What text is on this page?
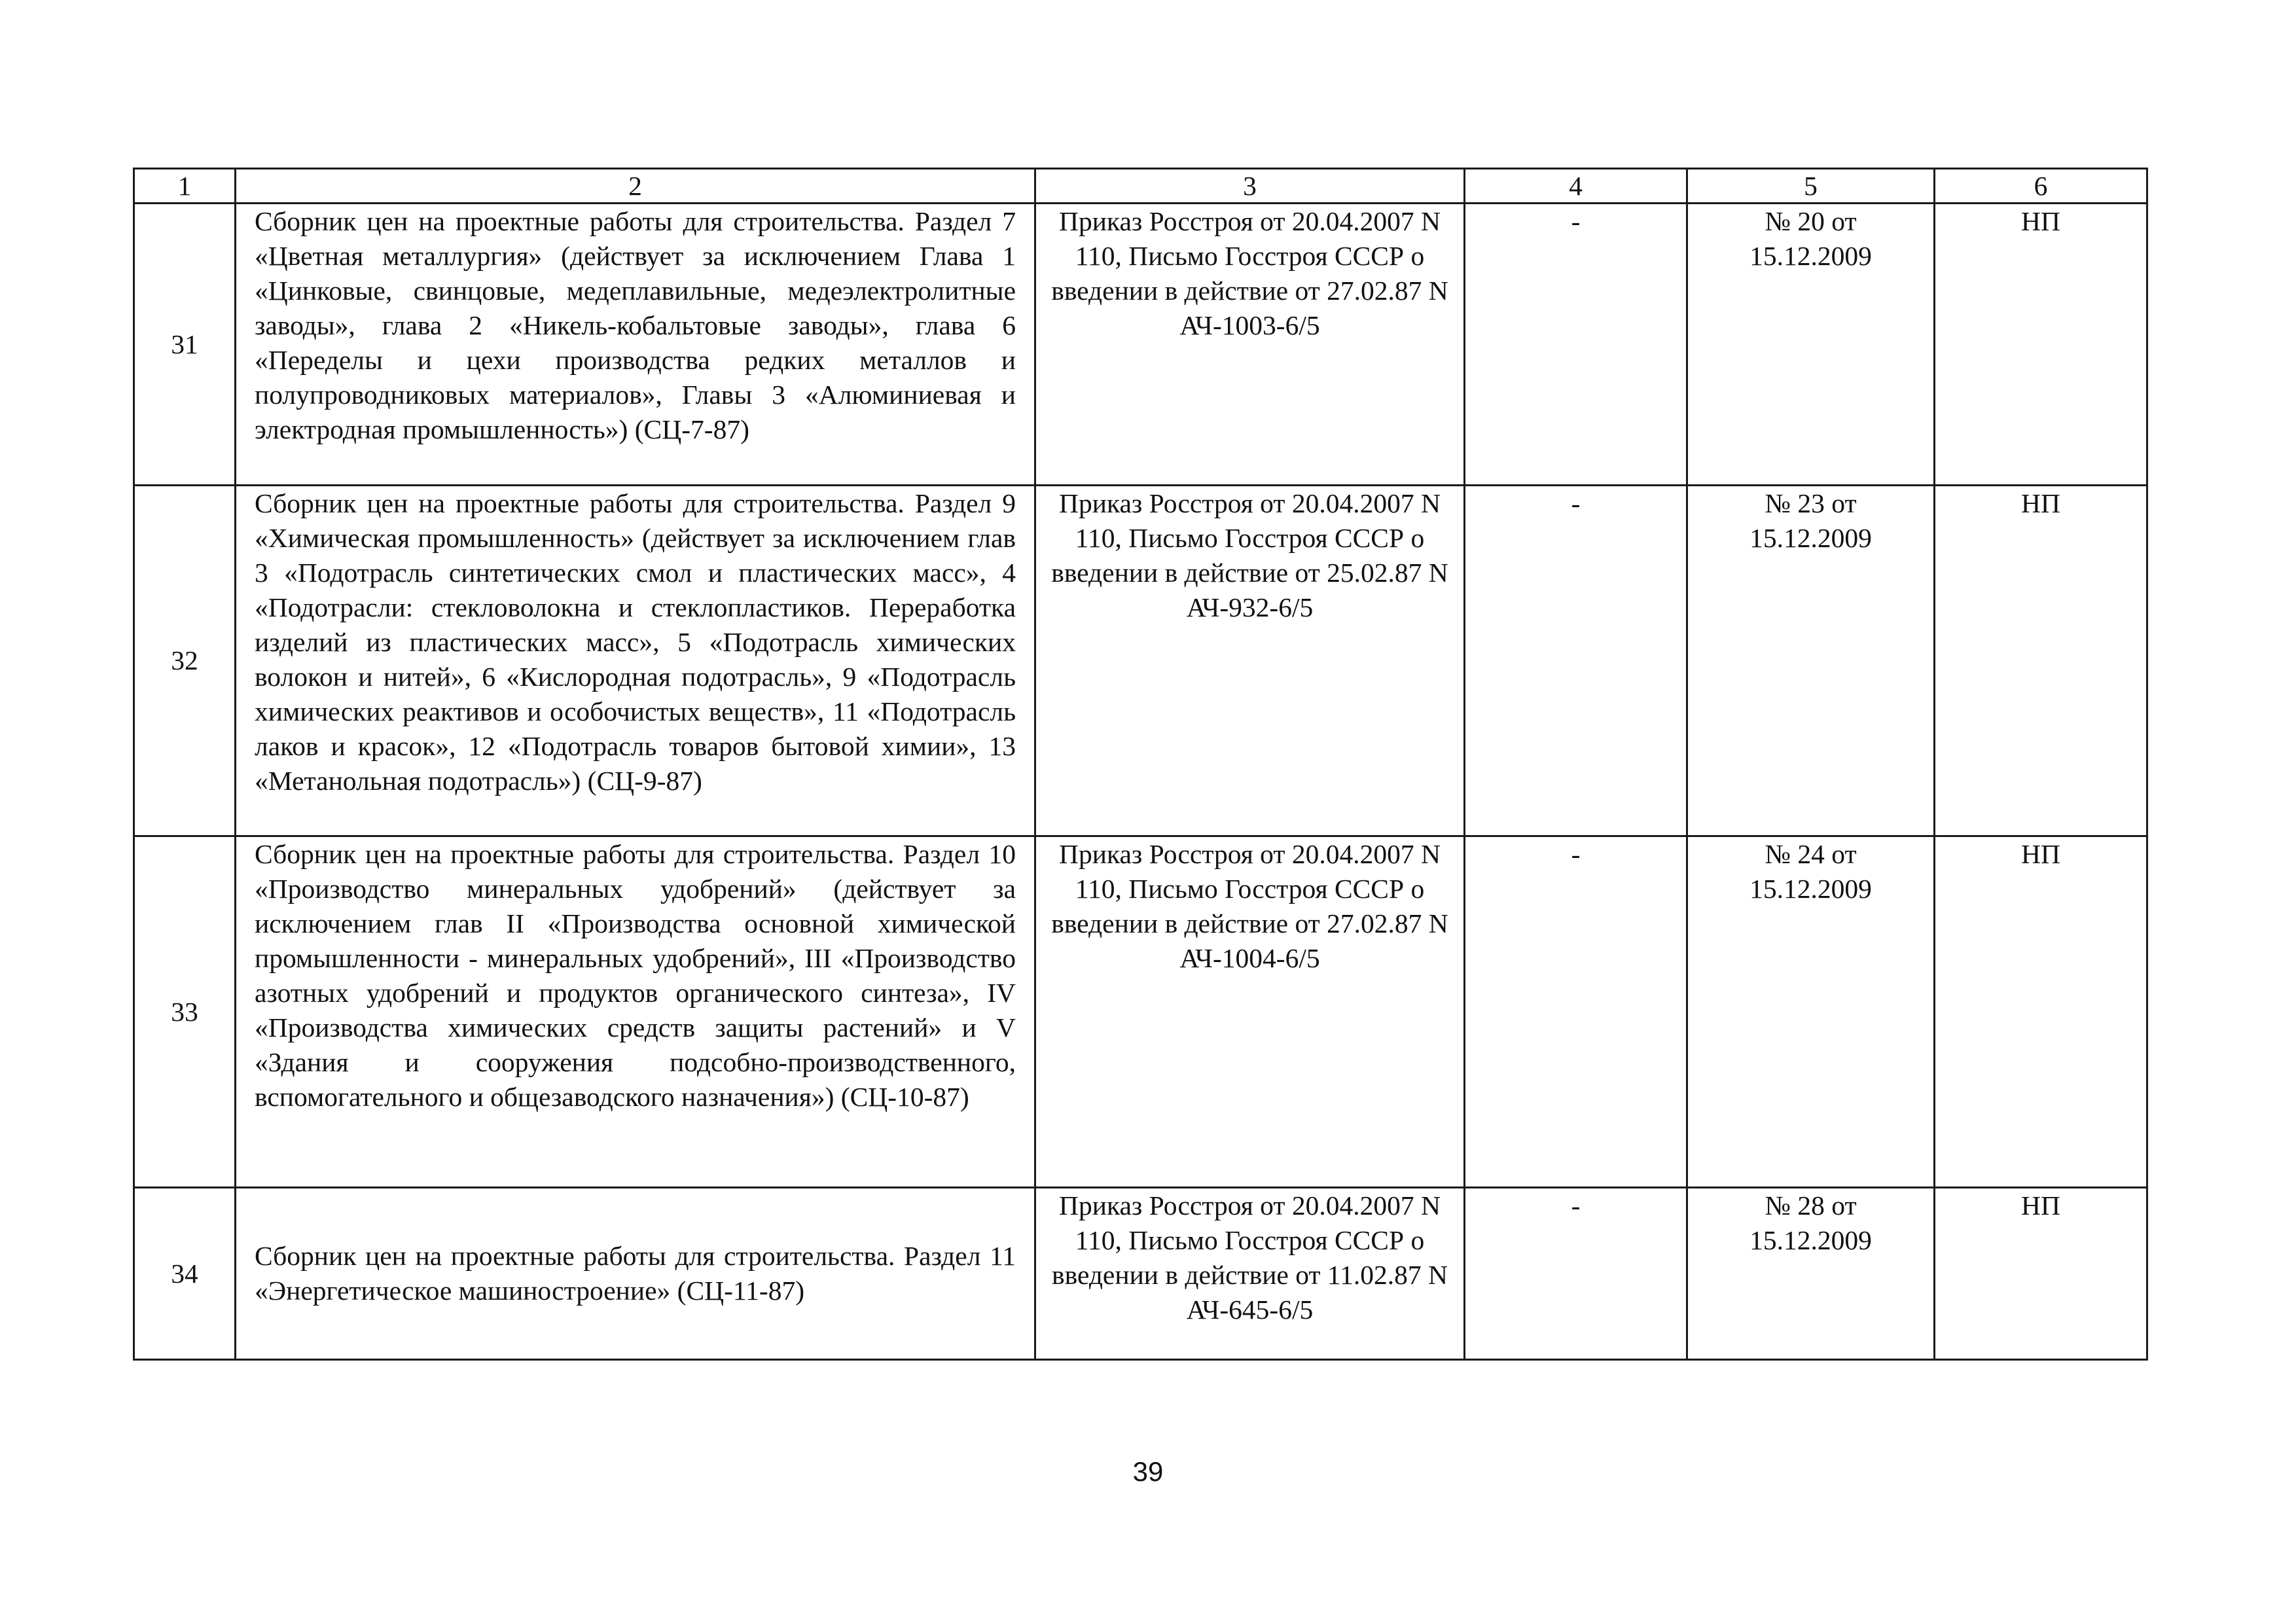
1	2	3	4	5	6
31	Сборник цен на проектные работы для строительства. Раздел 7 «Цветная металлургия» (действует за исключением Глава 1 «Цинковые, свинцовые, медеплавильные, медеэлектролитные заводы», глава 2 «Никель-кобальтовые заводы», глава 6 «Переделы и цехи производства редких металлов и полупроводниковых материалов», Главы 3 «Алюминиевая и электродная промышленность») (СЦ-7-87)	Приказ Росстроя от 20.04.2007 N 110, Письмо Госстроя СССР о введении в действие от 27.02.87 N АЧ-1003-6/5	-	№ 20 от 15.12.2009	НП
32	Сборник цен на проектные работы для строительства. Раздел 9 «Химическая промышленность» (действует за исключением глав 3 «Подотрасль синтетических смол и пластических масс», 4 «Подотрасли: стекловолокна и стеклопластиков. Переработка изделий из пластических масс», 5 «Подотрасль химических волокон и нитей», 6 «Кислородная подотрасль», 9 «Подотрасль химических реактивов и особочистых веществ», 11 «Подотрасль лаков и красок», 12 «Подотрасль товаров бытовой химии», 13 «Метанольная подотрасль») (СЦ-9-87)	Приказ Росстроя от 20.04.2007 N 110, Письмо Госстроя СССР о введении в действие от 25.02.87 N АЧ-932-6/5	-	№ 23 от 15.12.2009	НП
33	Сборник цен на проектные работы для строительства. Раздел 10 «Производство минеральных удобрений» (действует за исключением глав II «Производства основной химической промышленности - минеральных удобрений», III «Производство азотных удобрений и продуктов органического синтеза», IV «Производства химических средств защиты растений» и V «Здания и сооружения подсобно-производственного, вспомогательного и общезаводского назначения») (СЦ-10-87)	Приказ Росстроя от 20.04.2007 N 110, Письмо Госстроя СССР о введении в действие от 27.02.87 N АЧ-1004-6/5	-	№ 24 от 15.12.2009	НП
34	Сборник цен на проектные работы для строительства. Раздел 11 «Энергетическое машиностроение» (СЦ-11-87)	Приказ Росстроя от 20.04.2007 N 110, Письмо Госстроя СССР о введении в действие от 11.02.87 N АЧ-645-6/5	-	№ 28 от 15.12.2009	НП
39
